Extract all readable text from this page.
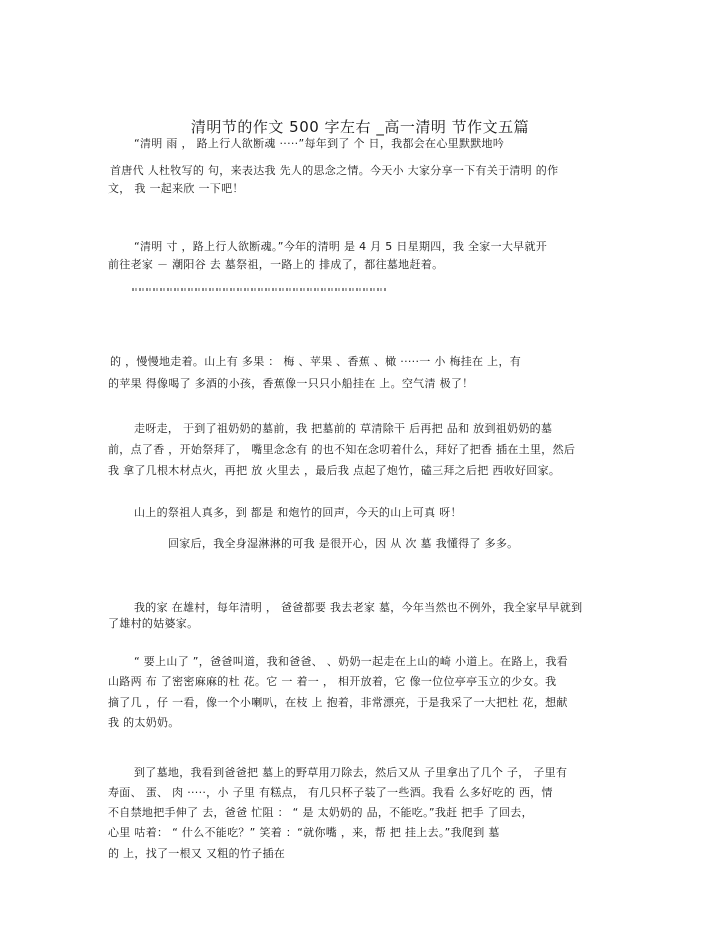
清明节的作文 500 字左右 _高一清明 节作文五篇

“清明 雨 ， 路上行人欲断魂 ·····”每年到了 个 日，我都会在心里默默地吟

首唐代 人杜牧写的 句，来表达我 先人的思念之情。今天小 大家分享一下有关于清明 的作

文， 我 一起来欣 一下吧！

“清明 寸 ，路上行人欲断魂。”今年的清明 是 4 月 5 日星期四，我 全家一大早就开

前往老家 － 潮阳谷 去 墓祭祖，一路上的 排成了，都往墓地赶着。

的 ，慢慢地走着。山上有 多果 ： 梅 、苹果 、香蕉 、橄 ·····一 小 梅挂在 上，有

的苹果 得像喝了 多酒的小孩，香蕉像一只只小船挂在 上。空气清 极了！

走呀走， 于到了祖奶奶的墓前，我 把墓前的 草清除干 后再把 品和 放到祖奶奶的墓

前，点了香 ，开始祭拜了， 嘴里念念有 的也不知在念叨着什么，拜好了把香 插在土里，然后

我 拿了几根木材点火，再把 放 火里去 ，最后我 点起了炮竹，磕三拜之后把 西收好回家。

山上的祭祖人真多，到 都是 和炮竹的回声，今天的山上可真 呀！

回家后，我全身湿淋淋的可我 是很开心，因 从 次 墓 我懂得了 多多。

我的家 在雄村，每年清明 ， 爸爸都要 我去老家 墓，今年当然也不例外，我全家早早就到

了雄村的姑婆家。

“ 要上山了 ”，爸爸叫道，我和爸爸、 、奶奶一起走在上山的崎 小道上。在路上，我看

山路两 布 了密密麻麻的杜 花。它 一 着一 ， 相开放着，它 像一位位亭亭玉立的少女。我

摘了几 ，仔 一看，像一个小喇叭，在枝 上 抱着，非常漂亮，于是我采了一大把杜 花，想献

我 的太奶奶。

到了墓地，我看到爸爸把 墓上的野草用刀除去，然后又从 子里拿出了几个 子， 子里有

寿面、 蛋、 肉 ·····，小 子里 有糕点， 有几只杯子装了一些酒。我看 么多好吃的 西，情

不自禁地把手伸了 去，爸爸 忙阻 ： “ 是 太奶奶的 品，不能吃。”我赶 把手 了回去，

心里 咕着： “ 什么不能吃？” 笑着 ：“就你嘴 ，来，帮 把 挂上去。”我爬到 墓

的 上，找了一根又 又粗的竹子插在
